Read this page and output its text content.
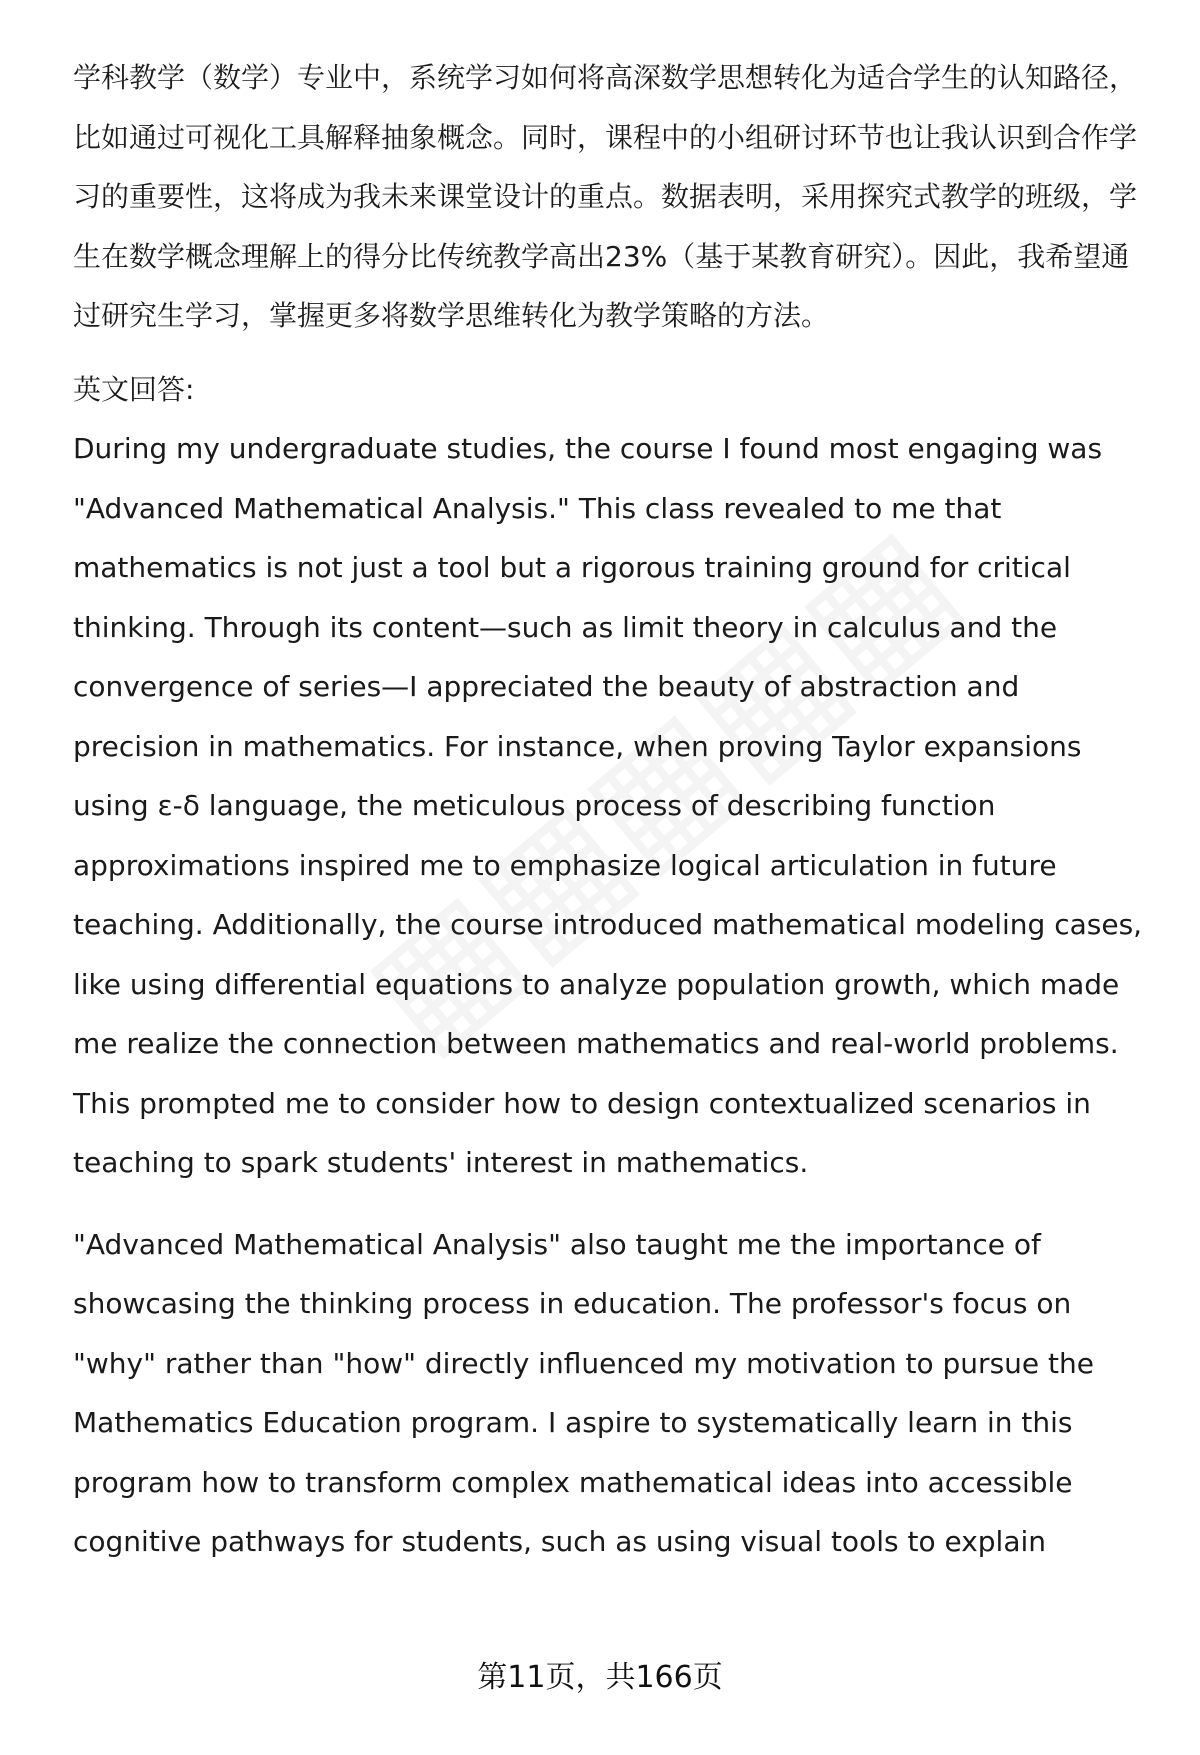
学科教学（数学）专业中，系统学习如何将高深数学思想转化为适合学生的认知路径，比如通过可视化工具解释抽象概念。同时，课程中的小组研讨环节也让我认识到合作学习的重要性，这将成为我未来课堂设计的重点。数据表明，采用探究式教学的班级，学生在数学概念理解上的得分比传统教学高出23%（基于某教育研究）。因此，我希望通过研究生学习，掌握更多将数学思维转化为教学策略的方法。

英文回答:

During my undergraduate studies, the course I found most engaging was "Advanced Mathematical Analysis." This class revealed to me that mathematics is not just a tool but a rigorous training ground for critical thinking. Through its content—such as limit theory in calculus and the convergence of series—I appreciated the beauty of abstraction and precision in mathematics. For instance, when proving Taylor expansions using ε-δ language, the meticulous process of describing function approximations inspired me to emphasize logical articulation in future teaching. Additionally, the course introduced mathematical modeling cases, like using differential equations to analyze population growth, which made me realize the connection between mathematics and real-world problems. This prompted me to consider how to design contextualized scenarios in teaching to spark students' interest in mathematics.

"Advanced Mathematical Analysis" also taught me the importance of showcasing the thinking process in education. The professor's focus on "why" rather than "how" directly influenced my motivation to pursue the Mathematics Education program. I aspire to systematically learn in this program how to transform complex mathematical ideas into accessible cognitive pathways for students, such as using visual tools to explain

第11页，共166页
